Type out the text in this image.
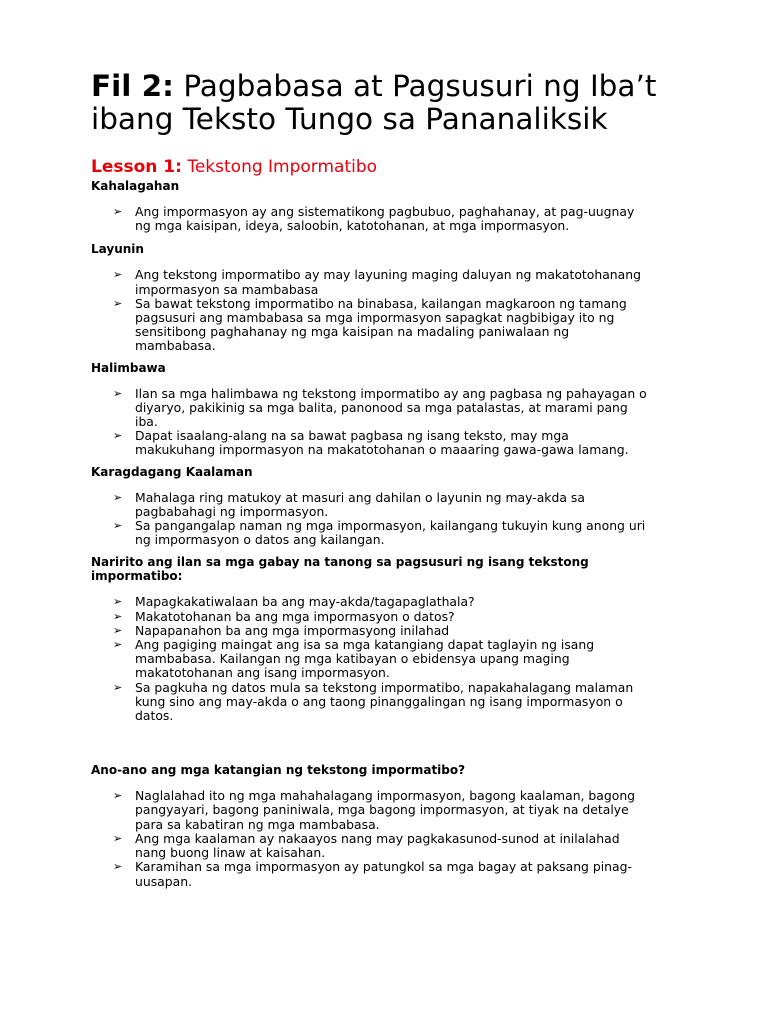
Fil 2: Pagbabasa at Pagsusuri ng Iba’t ibang Teksto Tungo sa Pananaliksik
Lesson 1: Tekstong Impormatibo
Kahalagahan
➢ Ang impormasyon ay ang sistematikong pagbubuo, paghahanay, at pag-uugnay ng mga kaisipan, ideya, saloobin, katotohanan, at mga impormasyon.
Layunin
➢ Ang tekstong impormatibo ay may layuning maging daluyan ng makatotohanang impormasyon sa mambabasa
➢ Sa bawat tekstong impormatibo na binabasa, kailangan magkaroon ng tamang pagsusuri ang mambabasa sa mga impormasyon sapagkat nagbibigay ito ng sensitibong paghahanay ng mga kaisipan na madaling paniwalaan ng mambabasa.
Halimbawa
➢ Ilan sa mga halimbawa ng tekstong impormatibo ay ang pagbasa ng pahayagan o diyaryo, pakikinig sa mga balita, panonood sa mga patalastas, at marami pang iba.
➢ Dapat isaalang-alang na sa bawat pagbasa ng isang teksto, may mga makukuhang impormasyon na makatotohanan o maaaring gawa-gawa lamang.
Karagdagang Kaalaman
➢ Mahalaga ring matukoy at masuri ang dahilan o layunin ng may-akda sa pagbabahagi ng impormasyon.
➢ Sa pangangalap naman ng mga impormasyon, kailangang tukuyin kung anong uri ng impormasyon o datos ang kailangan.
Naririto ang ilan sa mga gabay na tanong sa pagsusuri ng isang tekstong impormatibo:
➢ Mapagkakatiwalaan ba ang may-akda/tagapaglathala?
➢ Makatotohanan ba ang mga impormasyon o datos?
➢ Napapanahon ba ang mga impormasyong inilahad
➢ Ang pagiging maingat ang isa sa mga katangiang dapat taglayin ng isang mambabasa. Kailangan ng mga katibayan o ebidensya upang maging makatotohanan ang isang impormasyon.
➢ Sa pagkuha ng datos mula sa tekstong impormatibo, napakahalagang malaman kung sino ang may-akda o ang taong pinanggalingan ng isang impormasyon o datos.
Ano-ano ang mga katangian ng tekstong impormatibo?
➢ Naglalahad ito ng mga mahahalagang impormasyon, bagong kaalaman, bagong pangyayari, bagong paniniwala, mga bagong impormasyon, at tiyak na detalye para sa kabatiran ng mga mambabasa.
➢ Ang mga kaalaman ay nakaayos nang may pagkakasunod-sunod at inilalahad nang buong linaw at kaisahan.
➢ Karamihan sa mga impormasyon ay patungkol sa mga bagay at paksang pinag-uusapan.
